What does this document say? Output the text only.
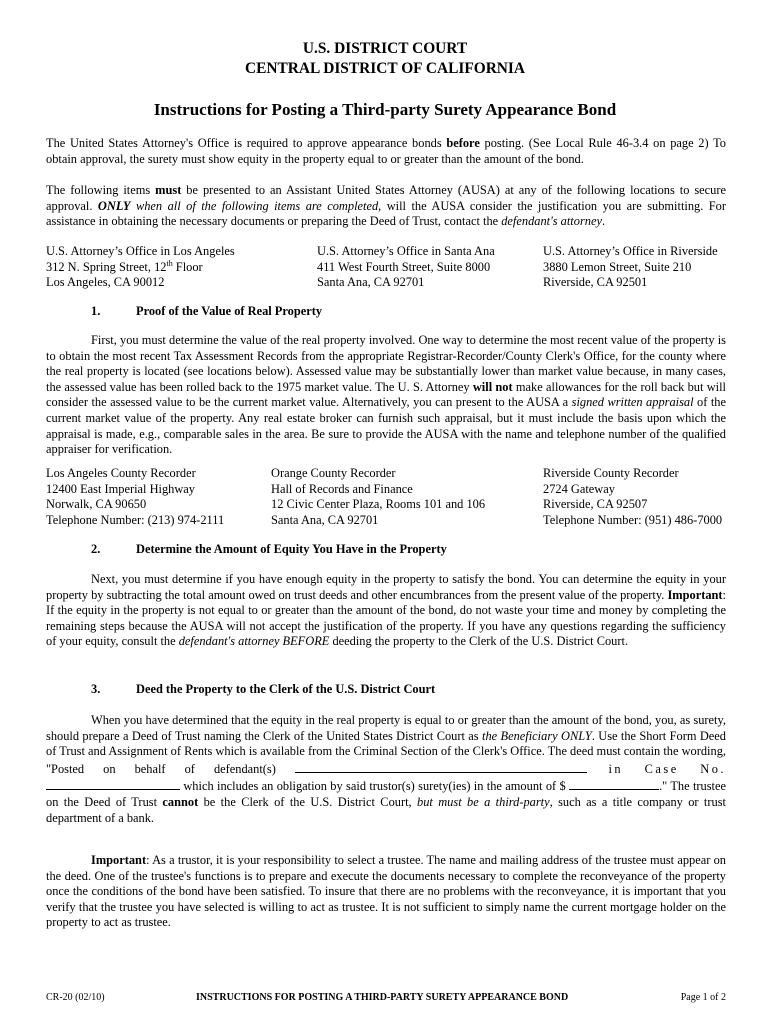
U.S. DISTRICT COURT
CENTRAL DISTRICT OF CALIFORNIA
Instructions for Posting a Third-party Surety Appearance Bond

The United States Attorney's Office is required to approve appearance bonds before posting. (See Local Rule 46-3.4 on page 2) To obtain approval, the surety must show equity in the property equal to or greater than the amount of the bond.

The following items must be presented to an Assistant United States Attorney (AUSA) at any of the following locations to secure approval. ONLY when all of the following items are completed, will the AUSA consider the justification you are submitting. For assistance in obtaining the necessary documents or preparing the Deed of Trust, contact the defendant's attorney.

U.S. Attorney’s Office in Los Angeles
312 N. Spring Street, 12th Floor
Los Angeles, CA 90012
U.S. Attorney’s Office in Santa Ana
411 West Fourth Street, Suite 8000
Santa Ana, CA 92701
U.S. Attorney’s Office in Riverside
3880 Lemon Street, Suite 210
Riverside, CA 92501
1.	Proof of the Value of Real Property

First, you must determine the value of the real property involved. One way to determine the most recent value of the property is to obtain the most recent Tax Assessment Records from the appropriate Registrar-Recorder/County Clerk's Office, for the county where the real property is located (see locations below). Assessed value may be substantially lower than market value because, in many cases, the assessed value has been rolled back to the 1975 market value. The U. S. Attorney will not make allowances for the roll back but will consider the assessed value to be the current market value. Alternatively, you can present to the AUSA a signed written appraisal of the current market value of the property. Any real estate broker can furnish such appraisal, but it must include the basis upon which the appraisal is made, e.g., comparable sales in the area. Be sure to provide the AUSA with the name and telephone number of the qualified appraiser for verification.

Los Angeles County Recorder
12400 East Imperial Highway
Norwalk, CA 90650
Telephone Number: (213) 974-2111
Orange County Recorder
Hall of Records and Finance
12 Civic Center Plaza, Rooms 101 and 106
Santa Ana, CA 92701
Riverside County Recorder
2724 Gateway
Riverside, CA 92507
Telephone Number: (951) 486-7000
2.	Determine the Amount of Equity You Have in the Property

Next, you must determine if you have enough equity in the property to satisfy the bond. You can determine the equity in your property by subtracting the total amount owed on trust deeds and other encumbrances from the present value of the property. Important: If the equity in the property is not equal to or greater than the amount of the bond, do not waste your time and money by completing the remaining steps because the AUSA will not accept the justification of the property. If you have any questions regarding the sufficiency of your equity, consult the defendant's attorney BEFORE deeding the property to the Clerk of the U.S. District Court.

3.	Deed the Property to the Clerk of the U.S. District Court

When you have determined that the equity in the real property is equal to or greater than the amount of the bond, you, as surety, should prepare a Deed of Trust naming the Clerk of the United States District Court as the Beneficiary ONLY. Use the Short Form Deed of Trust and Assignment of Rents which is available from the Criminal Section of the Clerk's Office. The deed must contain the wording, "Posted on behalf of defendant(s)	in Case No.  which includes an obligation by said trustor(s) surety(ies) in the amount of $	." The trustee on the Deed of Trust cannot be the Clerk of the U.S. District Court, but must be a third-party, such as a title company or trust department of a bank.

Important: As a trustor, it is your responsibility to select a trustee. The name and mailing address of the trustee must appear on the deed. One of the trustee's functions is to prepare and execute the documents necessary to complete the reconveyance of the property once the conditions of the bond have been satisfied. To insure that there are no problems with the reconveyance, it is important that you verify that the trustee you have selected is willing to act as trustee. It is not sufficient to simply name the current mortgage holder on the property to act as trustee.

CR-20 (02/10)	INSTRUCTIONS FOR POSTING A THIRD-PARTY SURETY APPEARANCE BOND	Page 1 of 2
